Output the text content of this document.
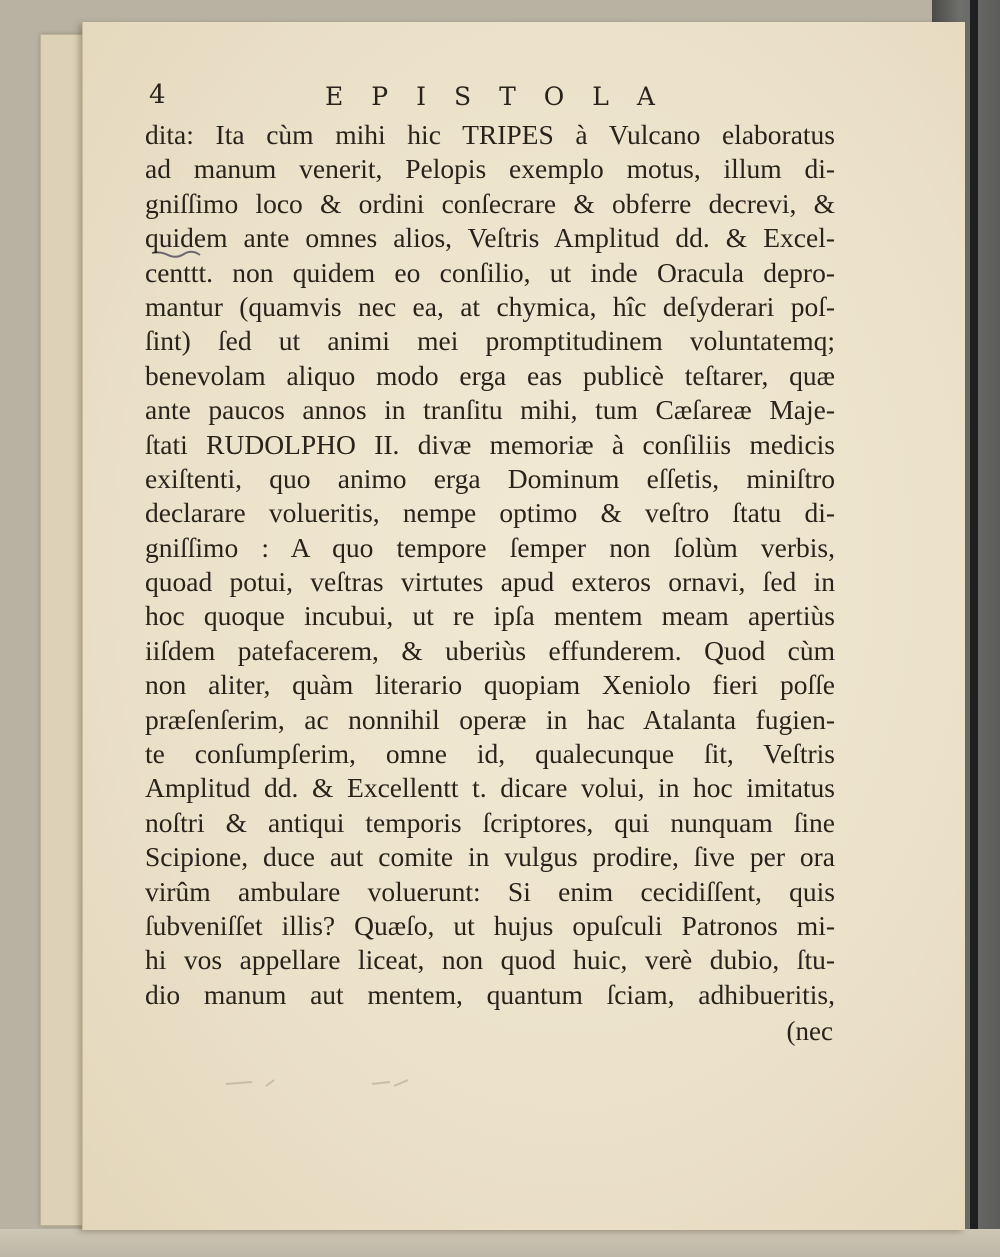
4	EPISTOLA
dita: Ita cùm mihi hic TRIPES à Vulcano elaboratus
ad manum venerit, Pelopis exemplo motus, illum di-
gniſſimo loco & ordini conſecrare & obferre decrevi, &
quidem ante omnes alios, Veſtris Amplitud dd. & Excel-
centtt. non quidem eo conſilio, ut inde Oracula depro-
mantur (quamvis nec ea, at chymica, hîc deſyderari poſ-
ſint) ſed ut animi mei promptitudinem voluntatemq;
benevolam aliquo modo erga eas publicè teſtarer, quæ
ante paucos annos in tranſitu mihi, tum Cæſareæ Maje-
ſtati RUDOLPHO II. divæ memoriæ à conſiliis medicis
exiſtenti, quo animo erga Dominum eſſetis, miniſtro
declarare volueritis, nempe optimo & veſtro ſtatu di-
gniſſimo : A quo tempore ſemper non ſolùm verbis,
quoad potui, veſtras virtutes apud exteros ornavi, ſed in
hoc quoque incubui, ut re ipſa mentem meam apertiùs
iiſdem patefacerem, & uberiùs effunderem. Quod cùm
non aliter, quàm literario quopiam Xeniolo fieri poſſe
præſenſerim, ac nonnihil operæ in hac Atalanta fugien-
te conſumpſerim, omne id, qualecunque ſit, Veſtris
Amplitud dd. & Excellentt t. dicare volui, in hoc imitatus
noſtri & antiqui temporis ſcriptores, qui nunquam ſine
Scipione, duce aut comite in vulgus prodire, ſive per ora
virûm ambulare voluerunt: Si enim cecidiſſent, quis
ſubveniſſet illis? Quæſo, ut hujus opuſculi Patronos mi-
hi vos appellare liceat, non quod huic, verè dubio, ſtu-
dio manum aut mentem, quantum ſciam, adhibueritis,
(nec
